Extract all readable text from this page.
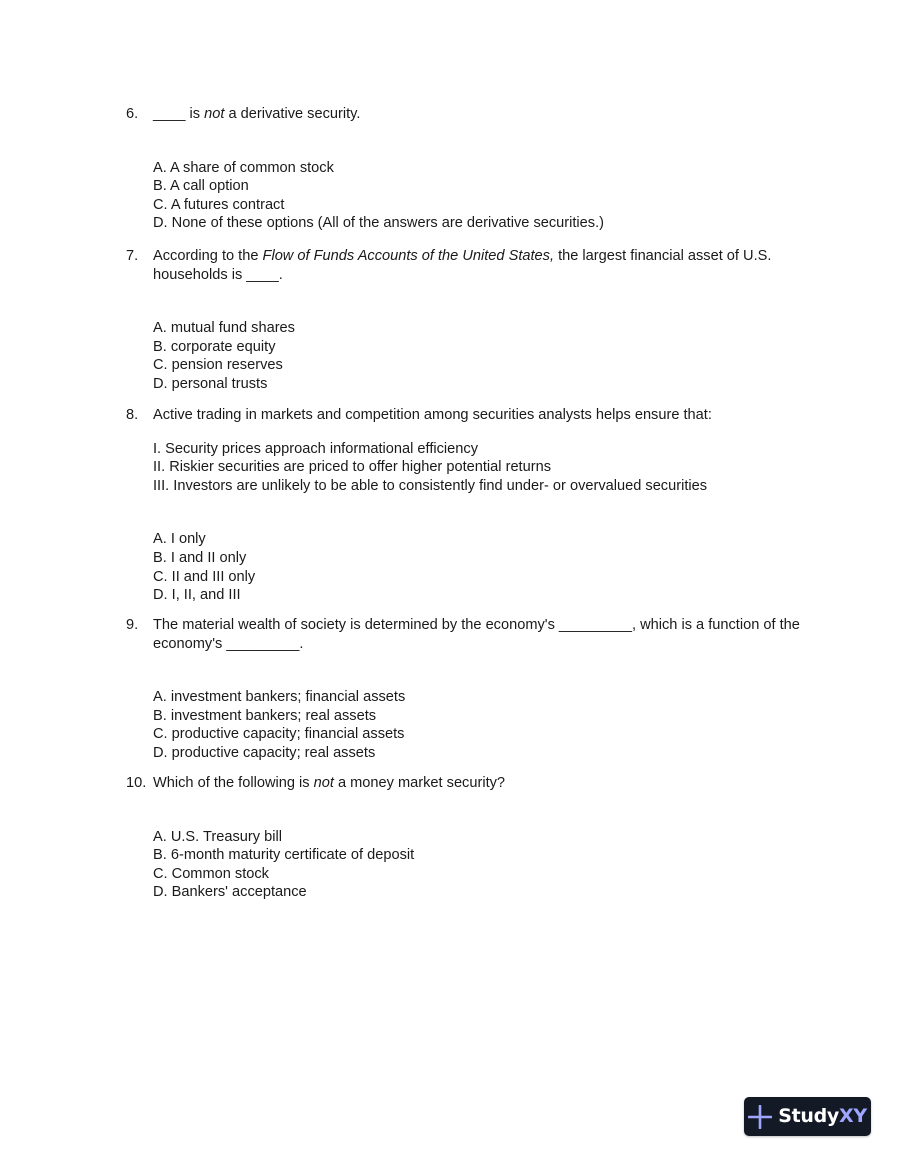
6.	____ is not a derivative security.
A. A share of common stock
B. A call option
C. A futures contract
D. None of these options (All of the answers are derivative securities.)
7.	According to the Flow of Funds Accounts of the United States, the largest financial asset of U.S. households is ____.
A. mutual fund shares
B. corporate equity
C. pension reserves
D. personal trusts
8.	Active trading in markets and competition among securities analysts helps ensure that:
I. Security prices approach informational efficiency
II. Riskier securities are priced to offer higher potential returns
III. Investors are unlikely to be able to consistently find under- or overvalued securities
A. I only
B. I and II only
C. II and III only
D. I, II, and III
9.	The material wealth of society is determined by the economy's _________, which is a function of the economy's _________.
A. investment bankers; financial assets
B. investment bankers; real assets
C. productive capacity; financial assets
D. productive capacity; real assets
10. Which of the following is not a money market security?
A. U.S. Treasury bill
B. 6-month maturity certificate of deposit
C. Common stock
D. Bankers' acceptance
StudyXY
